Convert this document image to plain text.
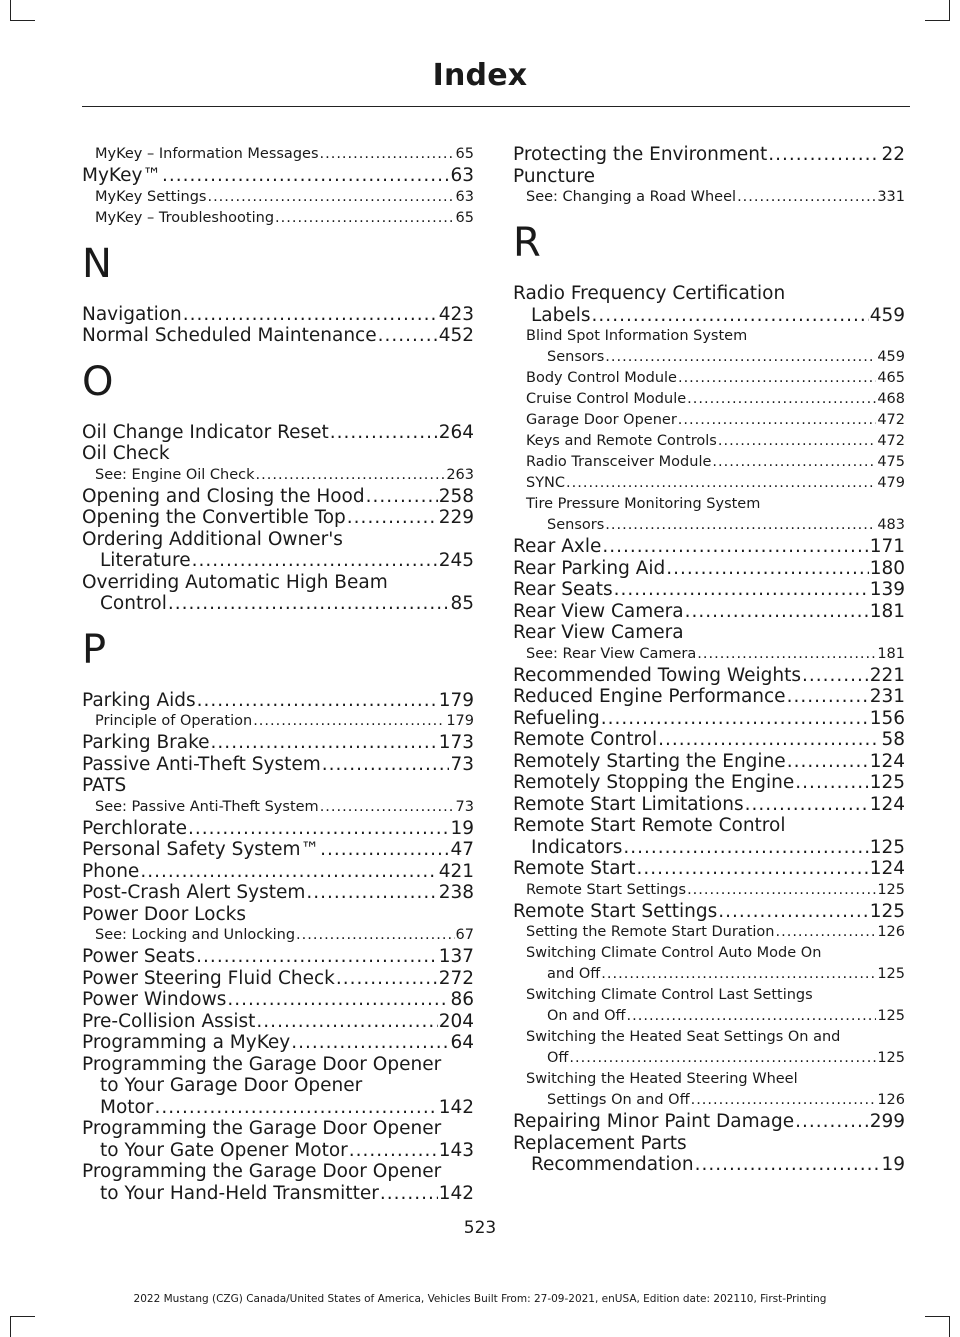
Index
MyKey – Information Messages .....	65
MyKey™ .....	63
MyKey Settings .....	63
MyKey – Troubleshooting .....	65
N
Navigation .....	423
Normal Scheduled Maintenance .....	452
O
Oil Change Indicator Reset .....	264
Oil Check
See: Engine Oil Check .....	263
Opening and Closing the Hood .....	258
Opening the Convertible Top .....	229
Ordering Additional Owner's
Literature .....	245
Overriding Automatic High Beam
Control .....	85
P
Parking Aids .....	179
Principle of Operation .....	179
Parking Brake .....	173
Passive Anti-Theft System .....	73
PATS
See: Passive Anti-Theft System .....	73
Perchlorate .....	19
Personal Safety System™ .....	47
Phone .....	421
Post-Crash Alert System .....	238
Power Door Locks
See: Locking and Unlocking .....	67
Power Seats .....	137
Power Steering Fluid Check .....	272
Power Windows .....	86
Pre-Collision Assist .....	204
Programming a MyKey .....	64
Programming the Garage Door Opener
to Your Garage Door Opener
Motor .....	142
Programming the Garage Door Opener
to Your Gate Opener Motor .....	143
Programming the Garage Door Opener
to Your Hand-Held Transmitter .....	142
Protecting the Environment .....	22
Puncture
See: Changing a Road Wheel .....	331
R
Radio Frequency Certification
Labels .....	459
Blind Spot Information System
Sensors .....	459
Body Control Module .....	465
Cruise Control Module .....	468
Garage Door Opener .....	472
Keys and Remote Controls .....	472
Radio Transceiver Module .....	475
SYNC .....	479
Tire Pressure Monitoring System
Sensors .....	483
Rear Axle .....	171
Rear Parking Aid .....	180
Rear Seats .....	139
Rear View Camera .....	181
Rear View Camera
See: Rear View Camera .....	181
Recommended Towing Weights .....	221
Reduced Engine Performance .....	231
Refueling .....	156
Remote Control .....	58
Remotely Starting the Engine .....	124
Remotely Stopping the Engine .....	125
Remote Start Limitations .....	124
Remote Start Remote Control
Indicators .....	125
Remote Start .....	124
Remote Start Settings .....	125
Remote Start Settings .....	125
Setting the Remote Start Duration .....	126
Switching Climate Control Auto Mode On
and Off .....	125
Switching Climate Control Last Settings
On and Off .....	125
Switching the Heated Seat Settings On and
Off .....	125
Switching the Heated Steering Wheel
Settings On and Off .....	126
Repairing Minor Paint Damage .....	299
Replacement Parts
Recommendation .....	19
523
2022 Mustang (CZG) Canada/United States of America, Vehicles Built From: 27-09-2021, enUSA, Edition date: 202110, First-Printing
